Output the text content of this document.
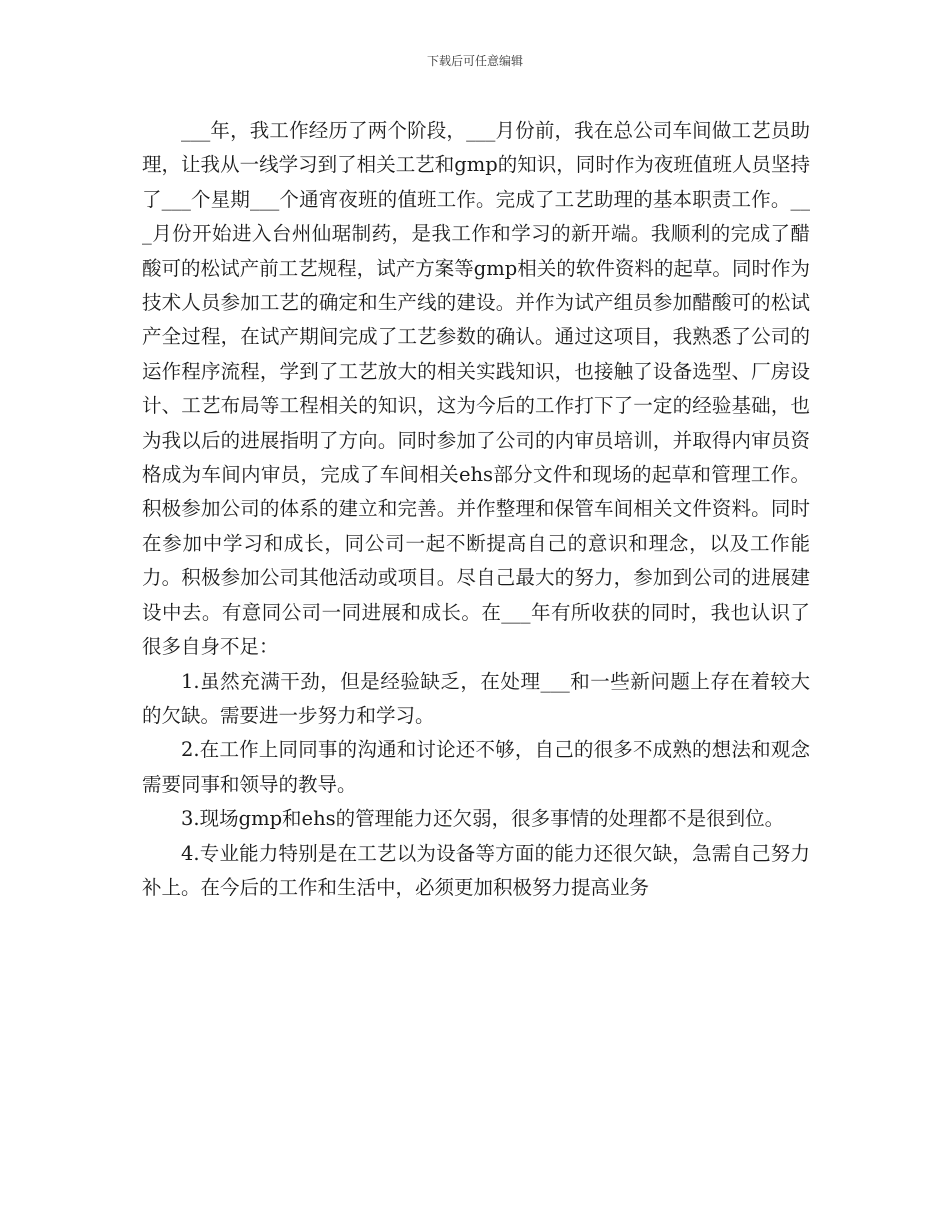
下载后可任意编辑

___年，我工作经历了两个阶段，___月份前，我在总公司车间做工艺员助理，让我从一线学习到了相关工艺和gmp的知识，同时作为夜班值班人员坚持了___个星期___个通宵夜班的值班工作。完成了工艺助理的基本职责工作。___月份开始进入台州仙琚制药，是我工作和学习的新开端。我顺利的完成了醋酸可的松试产前工艺规程，试产方案等gmp相关的软件资料的起草。同时作为技术人员参加工艺的确定和生产线的建设。并作为试产组员参加醋酸可的松试产全过程，在试产期间完成了工艺参数的确认。通过这项目，我熟悉了公司的运作程序流程，学到了工艺放大的相关实践知识，也接触了设备选型、厂房设计、工艺布局等工程相关的知识，这为今后的工作打下了一定的经验基础，也为我以后的进展指明了方向。同时参加了公司的内审员培训，并取得内审员资格成为车间内审员，完成了车间相关ehs部分文件和现场的起草和管理工作。积极参加公司的体系的建立和完善。并作整理和保管车间相关文件资料。同时在参加中学习和成长，同公司一起不断提高自己的意识和理念，以及工作能力。积极参加公司其他活动或项目。尽自己最大的努力，参加到公司的进展建设中去。有意同公司一同进展和成长。在___年有所收获的同时，我也认识了很多自身不足：

1.虽然充满干劲，但是经验缺乏，在处理___和一些新问题上存在着较大的欠缺。需要进一步努力和学习。

2.在工作上同同事的沟通和讨论还不够，自己的很多不成熟的想法和观念需要同事和领导的教导。

3.现场gmp和ehs的管理能力还欠弱，很多事情的处理都不是很到位。

4.专业能力特别是在工艺以为设备等方面的能力还很欠缺，急需自己努力补上。在今后的工作和生活中，必须更加积极努力提高业务
